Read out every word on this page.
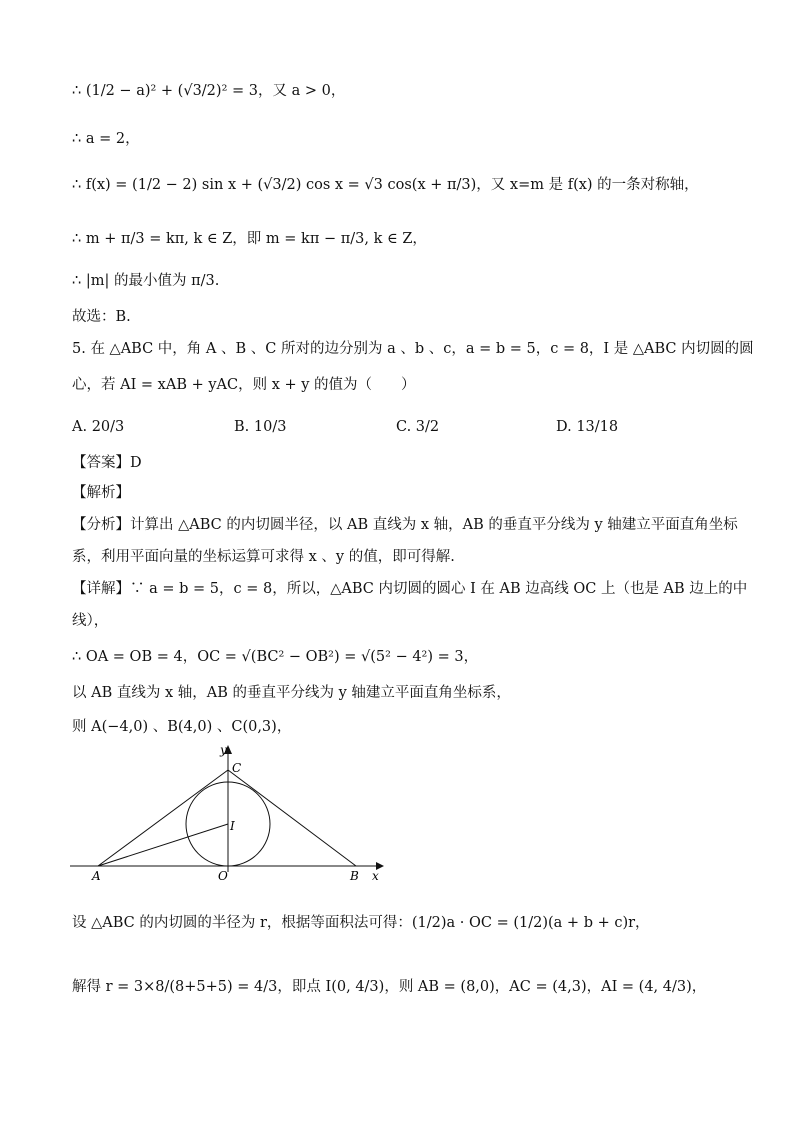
∴ (1/2 − a)² + (√3/2)² = 3，又 a > 0，
∴ a = 2，
∴ f(x) = (1/2 − 2) sin x + (√3/2) cos x = √3 cos(x + π/3)，又 x=m 是 f(x) 的一条对称轴，
∴ m + π/3 = kπ, k ∈ Z，即 m = kπ − π/3, k ∈ Z，
∴ |m| 的最小值为 π/3.
故选：B.
5. 在 △ABC 中，角 A 、B 、C 所对的边分别为 a 、b 、c，a = b = 5，c = 8，I 是 △ABC 内切圆的圆
心，若 AI = xAB + yAC，则 x + y 的值为（　　）
A. 20/3	B. 10/3	C. 3/2	D. 13/18
【答案】D
【解析】
【分析】计算出 △ABC 的内切圆半径，以 AB 直线为 x 轴，AB 的垂直平分线为 y 轴建立平面直角坐标
系，利用平面向量的坐标运算可求得 x 、y 的值，即可得解.
【详解】∵ a = b = 5，c = 8，所以，△ABC 内切圆的圆心 I 在 AB 边高线 OC 上（也是 AB 边上的中
线），
∴ OA = OB = 4，OC = √(BC² − OB²) = √(5² − 4²) = 3，
以 AB 直线为 x 轴，AB 的垂直平分线为 y 轴建立平面直角坐标系，
则 A(−4,0) 、B(4,0) 、C(0,3)，
A	B
C
O
I
x
y
设 △ABC 的内切圆的半径为 r，根据等面积法可得：(1/2)a · OC = (1/2)(a + b + c)r，
解得 r = 3×8/(8+5+5) = 4/3，即点 I(0, 4/3)，则 AB = (8,0)，AC = (4,3)，AI = (4, 4/3)，
